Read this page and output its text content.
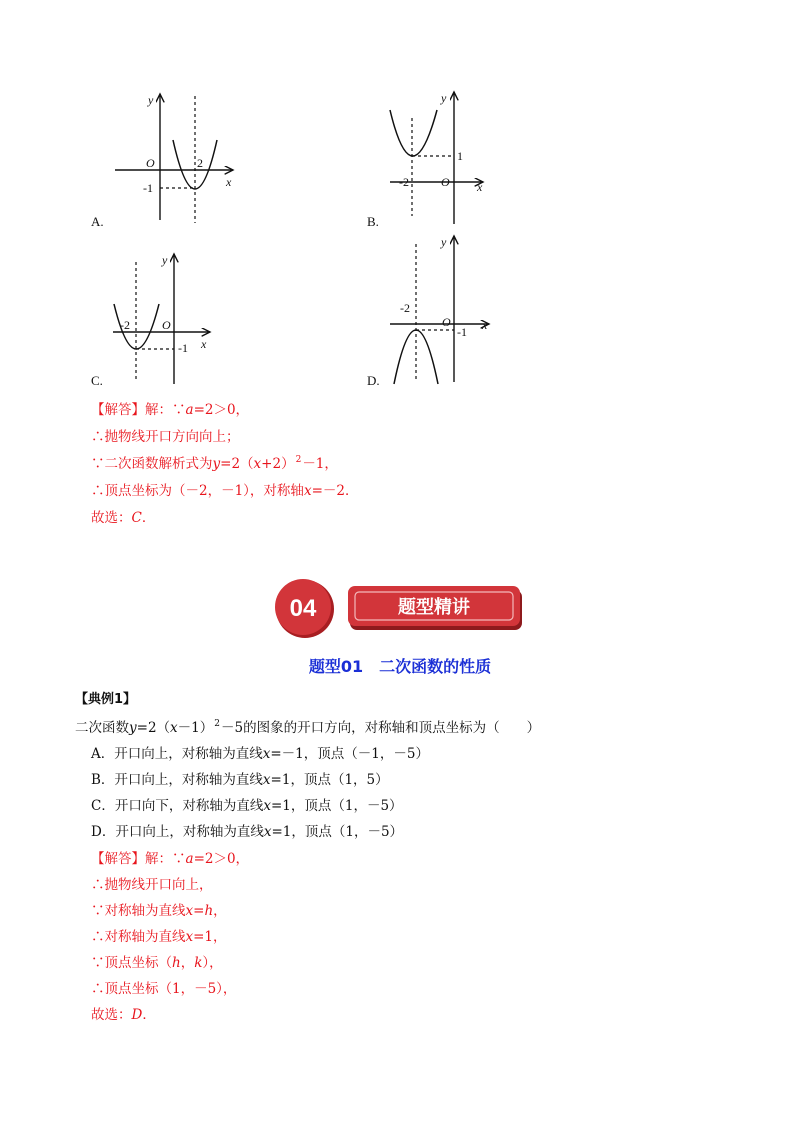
y
x
O	2
-1
A.
y
x
O
-2
1
B.
y
x
O
-2
-1
C.
y
x
O
-2
-1
D.
【解答】解：∵a=2＞0，
∴抛物线开口方向向上；
∵二次函数解析式为$y=2(x+2)^2-1$，
∴顶点坐标为（－2，－1），对称轴x=－2．
故选：C．
04	题型精讲
题型01　二次函数的性质
【典例1】
二次函数$y=2(x-1)^2-5$的图象的开口方向，对称轴和顶点坐标为（　　）
A．开口向上，对称轴为直线x=－1，顶点（－1，－5）
B．开口向上，对称轴为直线x=1，顶点（1，5）
C．开口向下，对称轴为直线x=1，顶点（1，－5）
D．开口向上，对称轴为直线x=1，顶点（1，－5）
【解答】解：∵a=2＞0，
∴抛物线开口向上，
∵对称轴为直线x=h，
∴对称轴为直线x=1，
∵顶点坐标（h，k），
∴顶点坐标（1，－5），
故选：D．
